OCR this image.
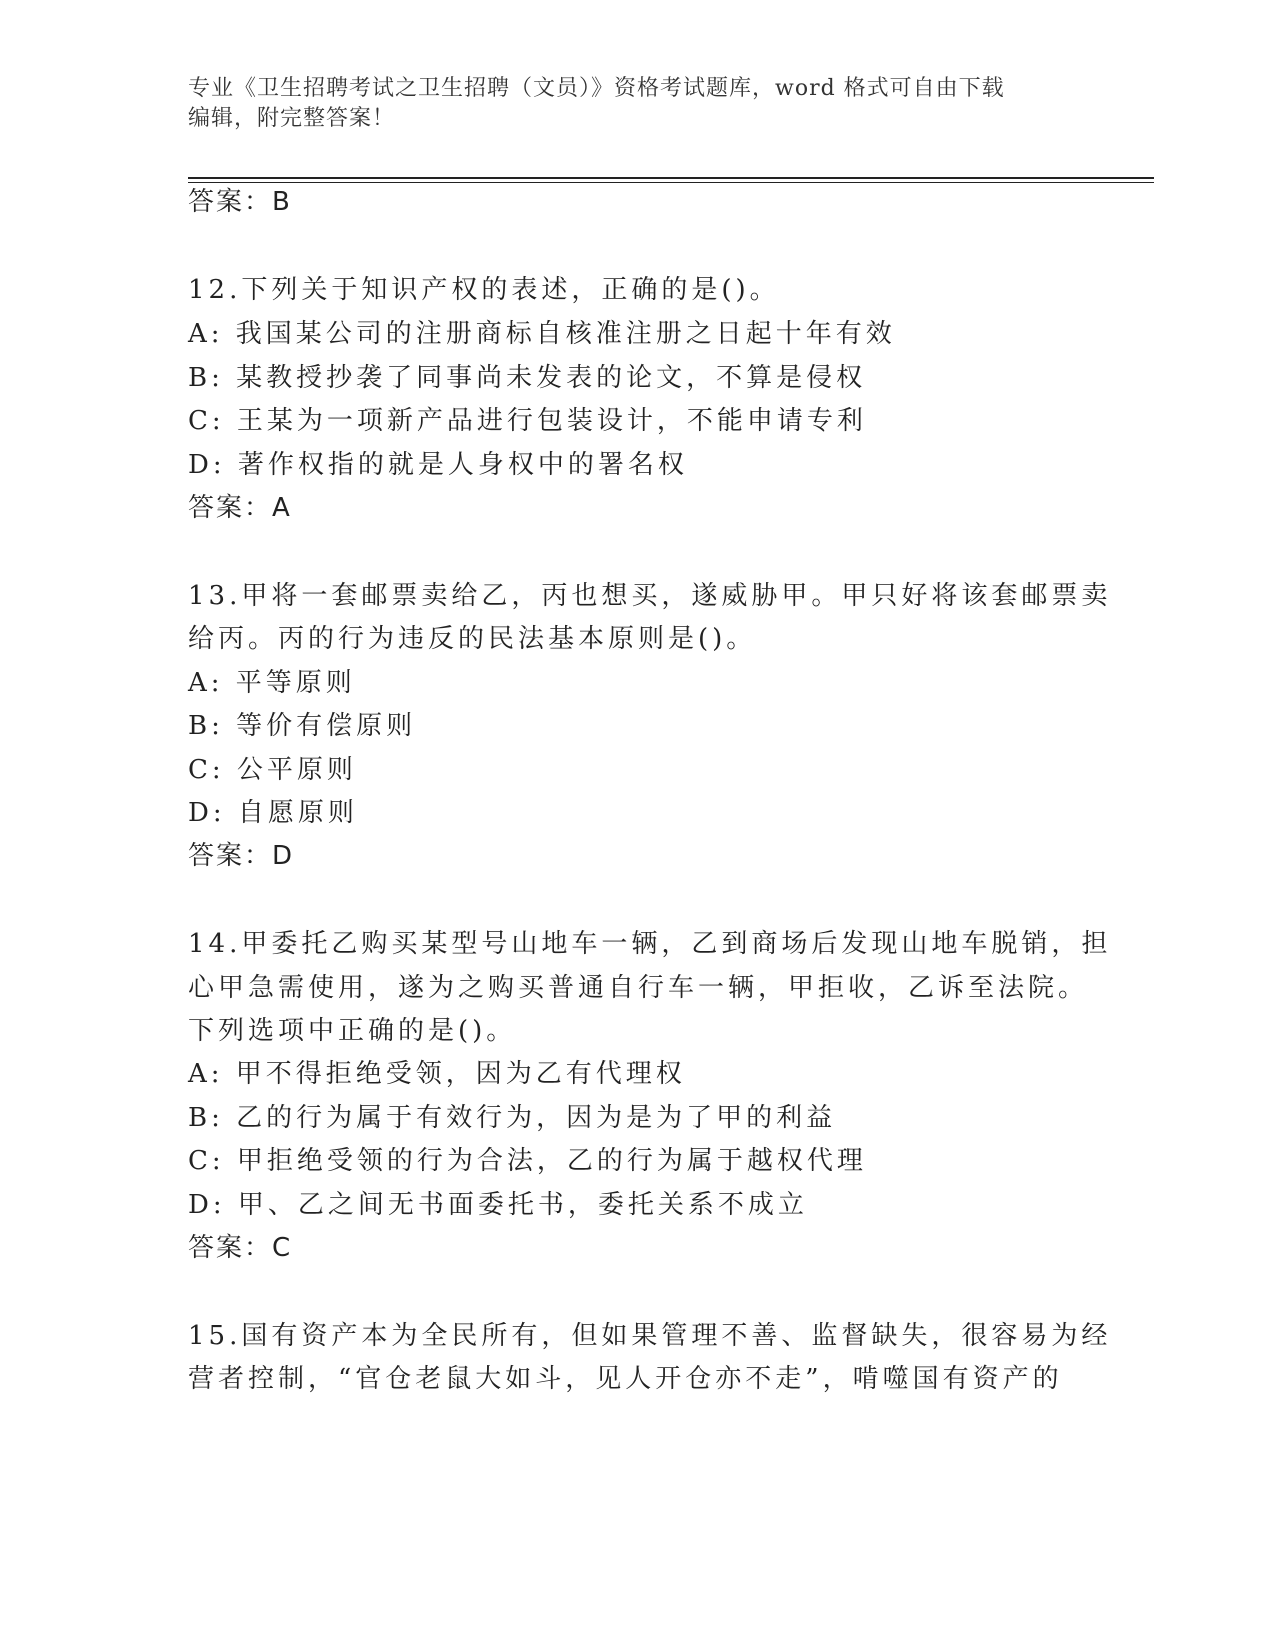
专业《卫生招聘考试之卫生招聘（文员）》资格考试题库，word 格式可自由下载
编辑，附完整答案！
答案：B
12.下列关于知识产权的表述，正确的是()。
A: 我国某公司的注册商标自核准注册之日起十年有效
B: 某教授抄袭了同事尚未发表的论文，不算是侵权
C: 王某为一项新产品进行包装设计，不能申请专利
D: 著作权指的就是人身权中的署名权
答案：A
13.甲将一套邮票卖给乙，丙也想买，遂威胁甲。甲只好将该套邮票卖
给丙。丙的行为违反的民法基本原则是()。
A: 平等原则
B: 等价有偿原则
C: 公平原则
D: 自愿原则
答案：D
14.甲委托乙购买某型号山地车一辆，乙到商场后发现山地车脱销，担
心甲急需使用，遂为之购买普通自行车一辆，甲拒收，乙诉至法院。
下列选项中正确的是()。
A: 甲不得拒绝受领，因为乙有代理权
B: 乙的行为属于有效行为，因为是为了甲的利益
C: 甲拒绝受领的行为合法，乙的行为属于越权代理
D: 甲、乙之间无书面委托书，委托关系不成立
答案：C
15.国有资产本为全民所有，但如果管理不善、监督缺失，很容易为经
营者控制，“官仓老鼠大如斗，见人开仓亦不走”，啃噬国有资产的
